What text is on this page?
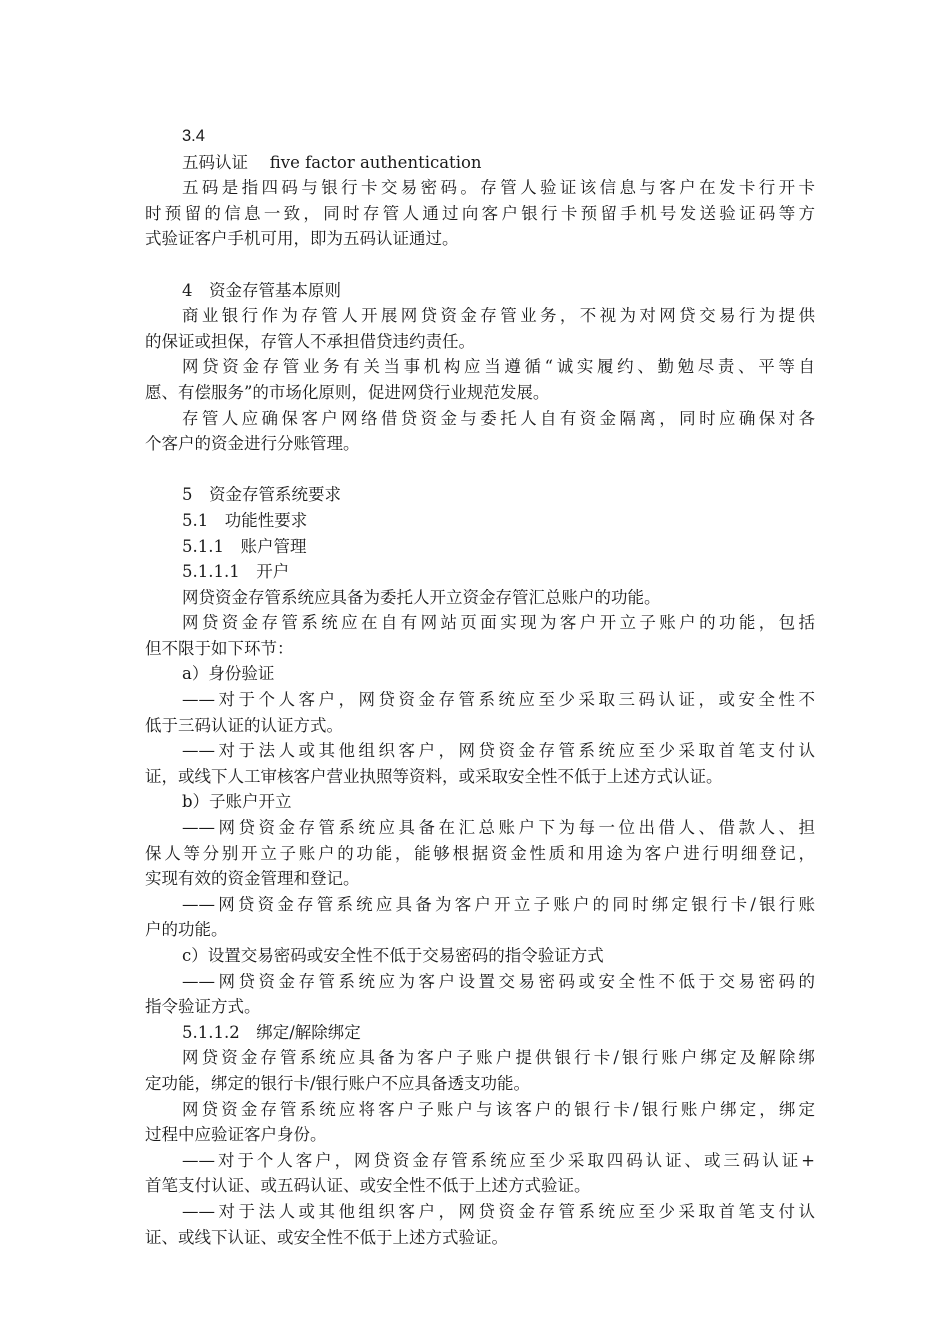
3.4
五码认证　 five factor authentication
五码是指四码与银行卡交易密码。存管人验证该信息与客户在发卡行开卡
时预留的信息一致，同时存管人通过向客户银行卡预留手机号发送验证码等方
式验证客户手机可用，即为五码认证通过。
4　资金存管基本原则
商业银行作为存管人开展网贷资金存管业务，不视为对网贷交易行为提供
的保证或担保，存管人不承担借贷违约责任。
网贷资金存管业务有关当事机构应当遵循“诚实履约、勤勉尽责、平等自
愿、有偿服务”的市场化原则，促进网贷行业规范发展。
存管人应确保客户网络借贷资金与委托人自有资金隔离，同时应确保对各
个客户的资金进行分账管理。
5　资金存管系统要求
5.1　功能性要求
5.1.1　账户管理
5.1.1.1　开户
网贷资金存管系统应具备为委托人开立资金存管汇总账户的功能。
网贷资金存管系统应在自有网站页面实现为客户开立子账户的功能，包括
但不限于如下环节：
a）身份验证
——对于个人客户，网贷资金存管系统应至少采取三码认证，或安全性不
低于三码认证的认证方式。
——对于法人或其他组织客户，网贷资金存管系统应至少采取首笔支付认
证，或线下人工审核客户营业执照等资料，或采取安全性不低于上述方式认证。
b）子账户开立
——网贷资金存管系统应具备在汇总账户下为每一位出借人、借款人、担
保人等分别开立子账户的功能，能够根据资金性质和用途为客户进行明细登记，
实现有效的资金管理和登记。
——网贷资金存管系统应具备为客户开立子账户的同时绑定银行卡/银行账
户的功能。
c）设置交易密码或安全性不低于交易密码的指令验证方式
——网贷资金存管系统应为客户设置交易密码或安全性不低于交易密码的
指令验证方式。
5.1.1.2　绑定/解除绑定
网贷资金存管系统应具备为客户子账户提供银行卡/银行账户绑定及解除绑
定功能，绑定的银行卡/银行账户不应具备透支功能。
网贷资金存管系统应将客户子账户与该客户的银行卡/银行账户绑定，绑定
过程中应验证客户身份。
——对于个人客户，网贷资金存管系统应至少采取四码认证、或三码认证+
首笔支付认证、或五码认证、或安全性不低于上述方式验证。
——对于法人或其他组织客户，网贷资金存管系统应至少采取首笔支付认
证、或线下认证、或安全性不低于上述方式验证。
